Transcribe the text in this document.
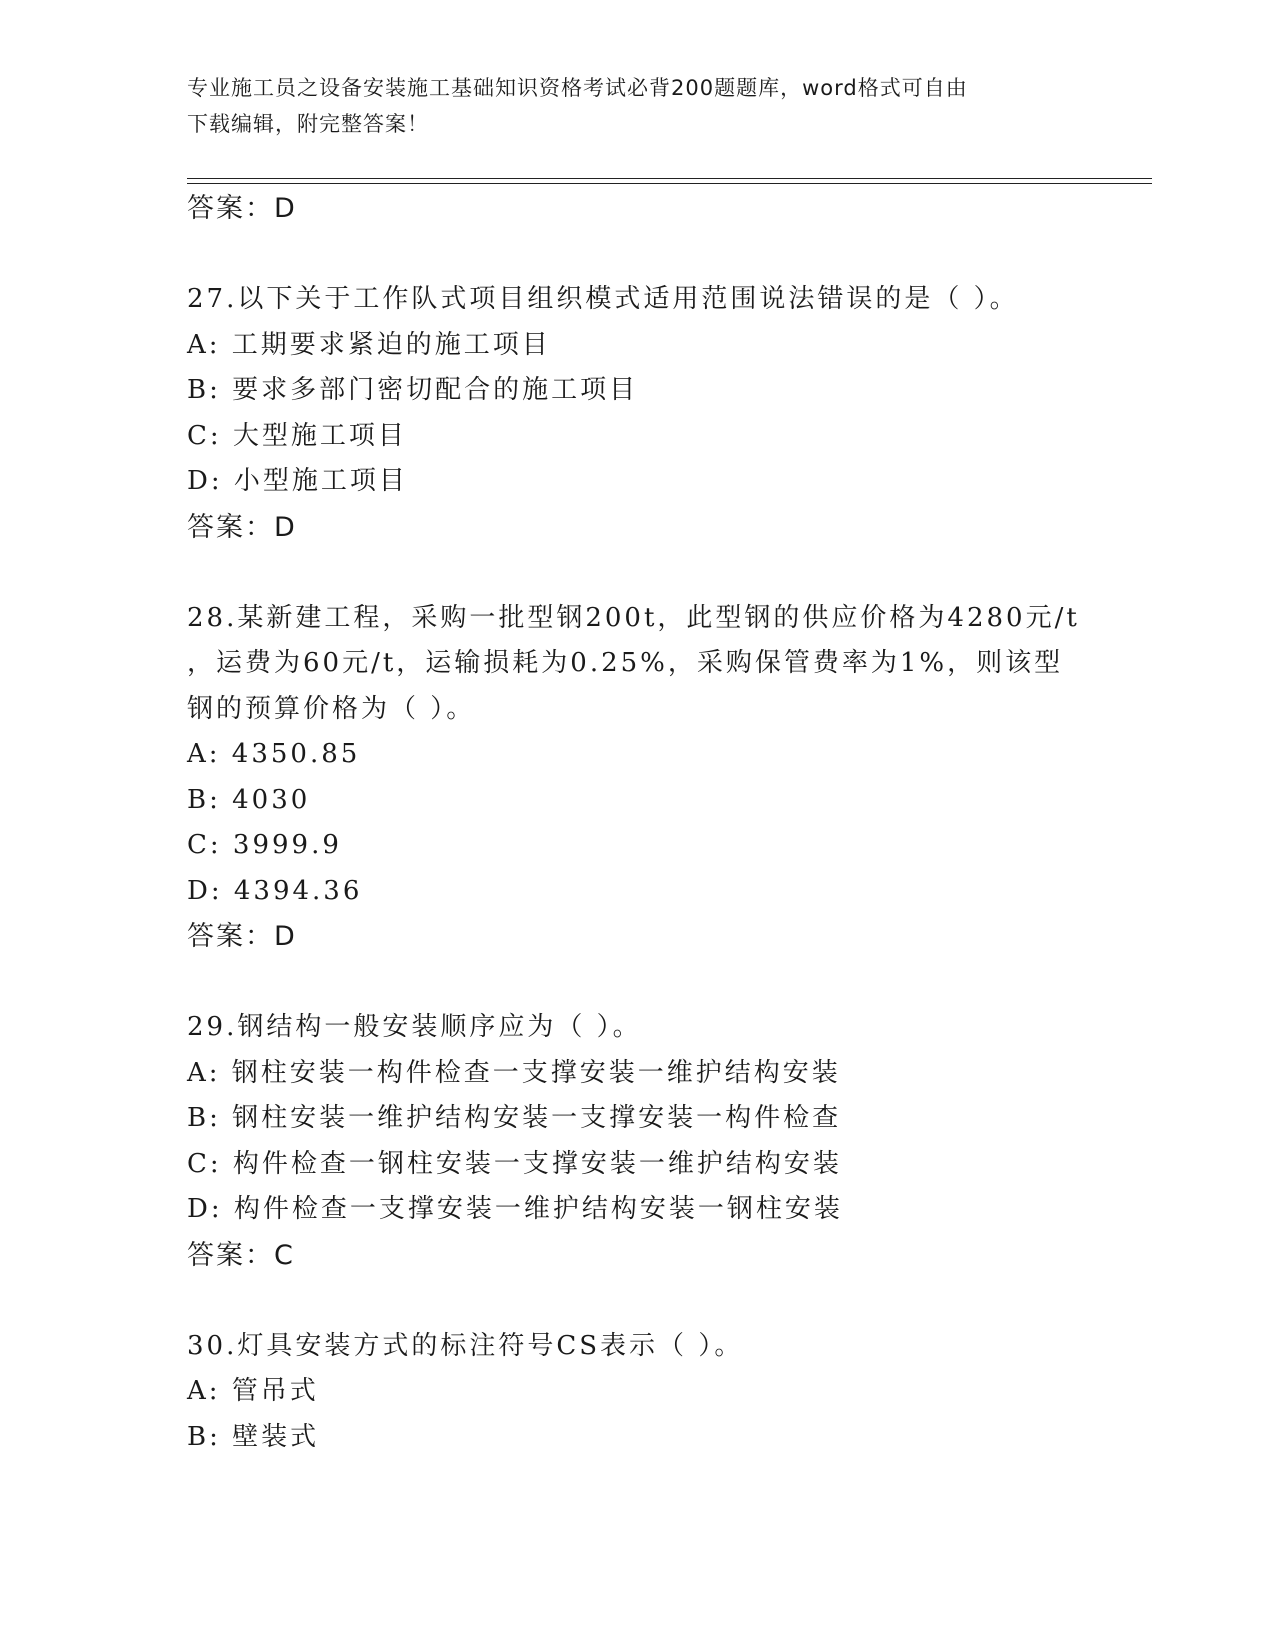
专业施工员之设备安装施工基础知识资格考试必背200题题库，word格式可自由
下载编辑，附完整答案！
答案：D
27.以下关于工作队式项目组织模式适用范围说法错误的是（ ）。
A: 工期要求紧迫的施工项目
B: 要求多部门密切配合的施工项目
C: 大型施工项目
D: 小型施工项目
答案：D
28.某新建工程，采购一批型钢200t，此型钢的供应价格为4280元/t
，运费为60元/t，运输损耗为0.25%，采购保管费率为1%，则该型
钢的预算价格为（ ）。
A: 4350.85
B: 4030
C: 3999.9
D: 4394.36
答案：D
29.钢结构一般安装顺序应为（ ）。
A: 钢柱安装一构件检查一支撑安装一维护结构安装
B: 钢柱安装一维护结构安装一支撑安装一构件检查
C: 构件检查一钢柱安装一支撑安装一维护结构安装
D: 构件检查一支撑安装一维护结构安装一钢柱安装
答案：C
30.灯具安装方式的标注符号CS表示（ ）。
A: 管吊式
B: 壁装式
